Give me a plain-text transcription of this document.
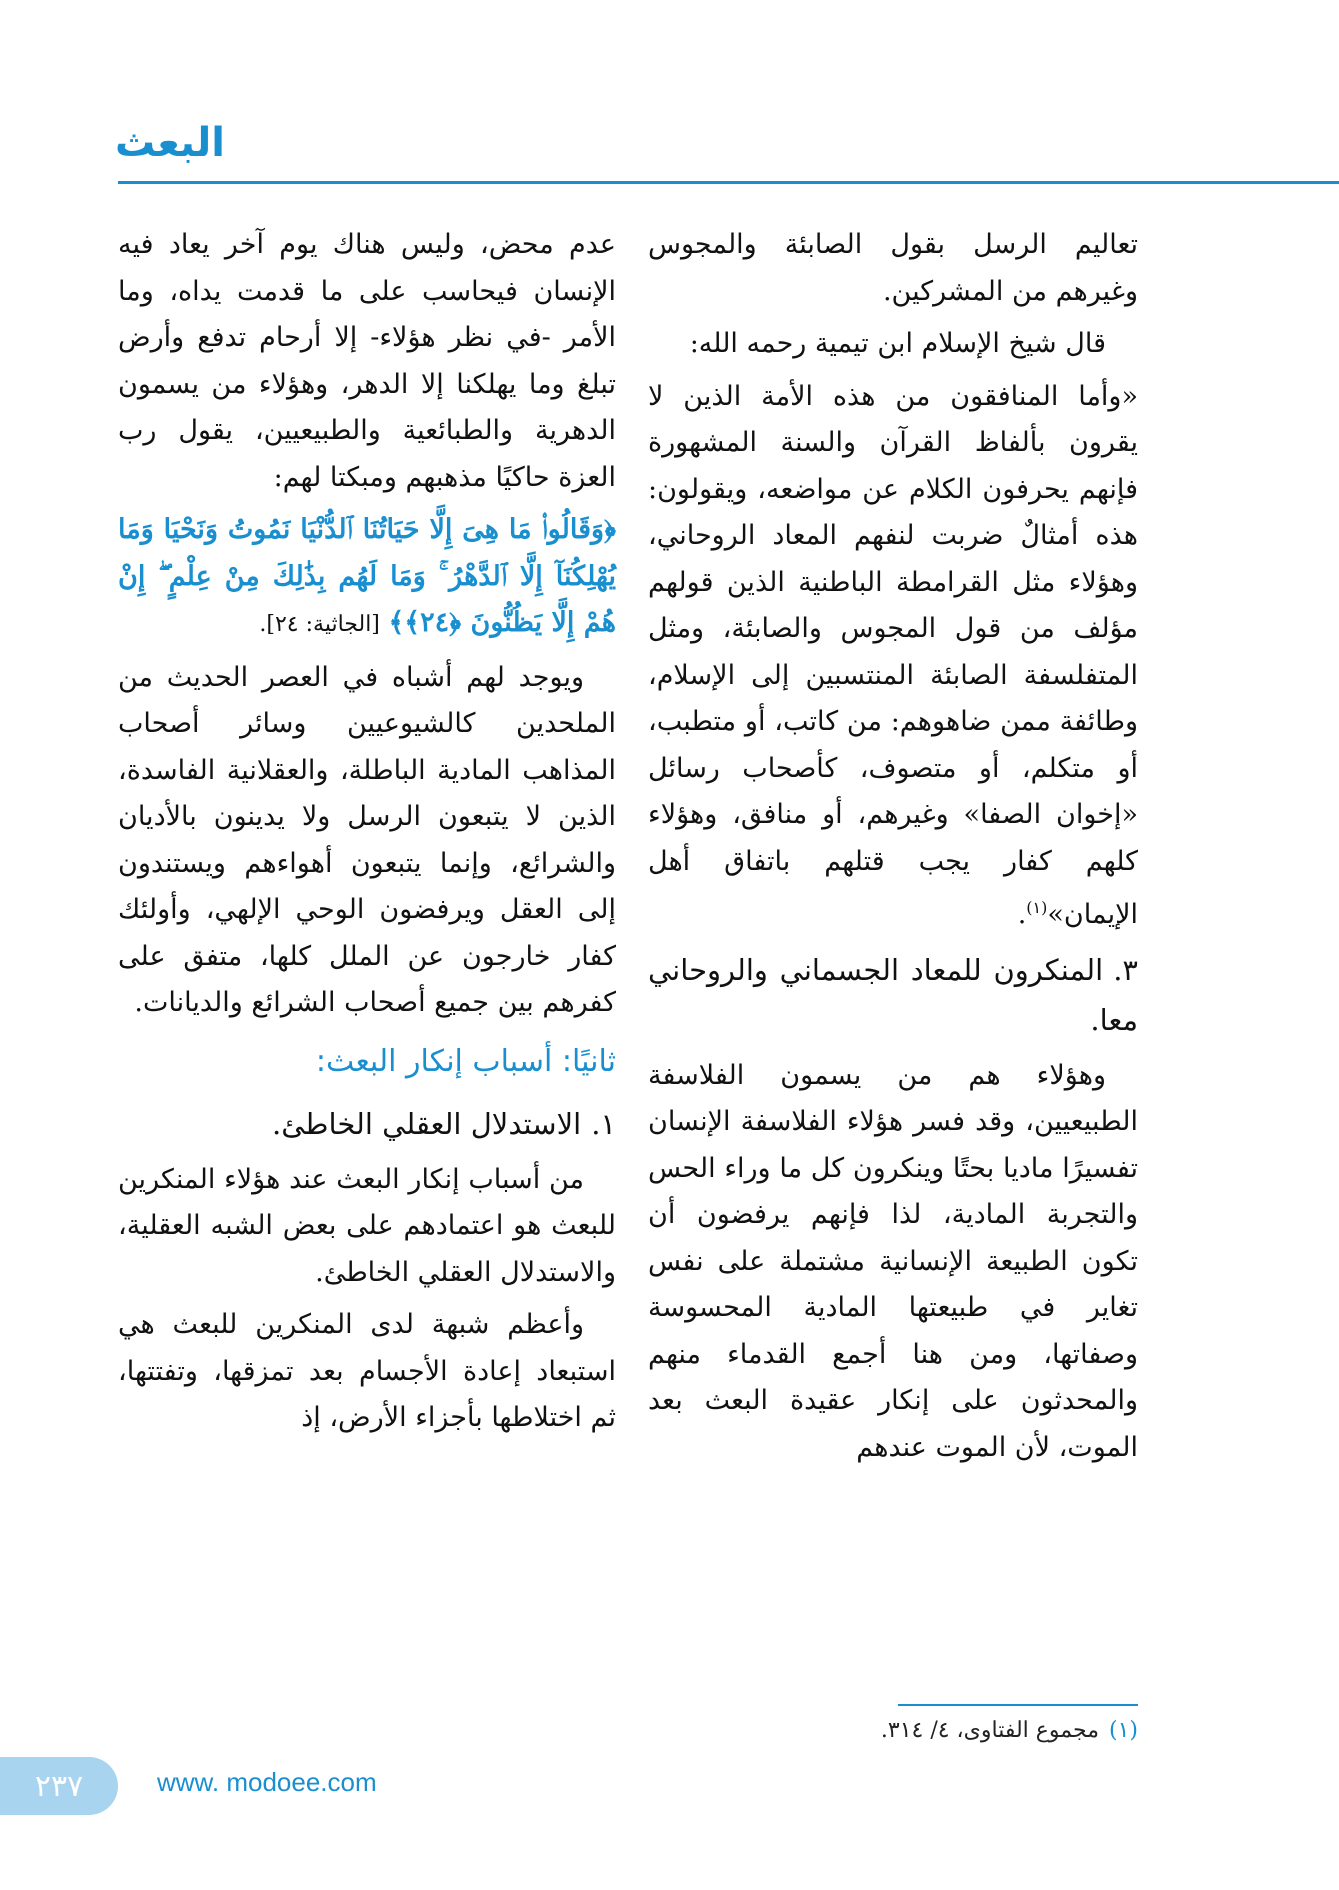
البعث

تعاليم الرسل بقول الصابئة والمجوس وغيرهم من المشركين.

قال شيخ الإسلام ابن تيمية رحمه الله:

«وأما المنافقون من هذه الأمة الذين لا يقرون بألفاظ القرآن والسنة المشهورة فإنهم يحرفون الكلام عن مواضعه، ويقولون: هذه أمثالٌ ضربت لنفهم المعاد الروحاني، وهؤلاء مثل القرامطة الباطنية الذين قولهم مؤلف من قول المجوس والصابئة، ومثل المتفلسفة الصابئة المنتسبين إلى الإسلام، وطائفة ممن ضاهوهم: من كاتب، أو متطبب، أو متكلم، أو متصوف، كأصحاب رسائل «إخوان الصفا» وغيرهم، أو منافق، وهؤلاء كلهم كفار يجب قتلهم باتفاق أهل الإيمان»$^{(١)}$.

٣.المنكرون للمعاد الجسماني والروحاني معا.

وهؤلاء هم من يسمون الفلاسفة الطبيعيين، وقد فسر هؤلاء الفلاسفة الإنسان تفسيرًا ماديا بحتًا وينكرون كل ما وراء الحس والتجربة المادية، لذا فإنهم يرفضون أن تكون الطبيعة الإنسانية مشتملة على نفس تغاير في طبيعتها المادية المحسوسة وصفاتها، ومن هنا أجمع القدماء منهم والمحدثون على إنكار عقيدة البعث بعد الموت، لأن الموت عندهم

عدم محض، وليس هناك يوم آخر يعاد فيه الإنسان فيحاسب على ما قدمت يداه، وما الأمر -في نظر هؤلاء- إلا أرحام تدفع وأرض تبلغ وما يهلكنا إلا الدهر، وهؤلاء من يسمون الدهرية والطبائعية والطبيعيين، يقول رب العزة حاكيًا مذهبهم ومبكتا لهم:

﴿وَقَالُوا۟ مَا هِىَ إِلَّا حَيَاتُنَا ٱلدُّنْيَا نَمُوتُ وَنَحْيَا وَمَا يُهْلِكُنَآ إِلَّا ٱلدَّهْرُ ۚ وَمَا لَهُم بِذَٰلِكَ مِنْ عِلْمٍ ۖ إِنْ هُمْ إِلَّا يَظُنُّونَ ﴿٢٤﴾﴾ [الجاثية: ٢٤].

ويوجد لهم أشباه في العصر الحديث من الملحدين كالشيوعيين وسائر أصحاب المذاهب المادية الباطلة، والعقلانية الفاسدة، الذين لا يتبعون الرسل ولا يدينون بالأديان والشرائع، وإنما يتبعون أهواءهم ويستندون إلى العقل ويرفضون الوحي الإلهي، وأولئك كفار خارجون عن الملل كلها، متفق على كفرهم بين جميع أصحاب الشرائع والديانات.

ثانيًا: أسباب إنكار البعث:
١.الاستدلال العقلي الخاطئ.

من أسباب إنكار البعث عند هؤلاء المنكرين للبعث هو اعتمادهم على بعض الشبه العقلية، والاستدلال العقلي الخاطئ.

وأعظم شبهة لدى المنكرين للبعث هي استبعاد إعادة الأجسام بعد تمزقها، وتفتتها، ثم اختلاطها بأجزاء الأرض، إذ

(١)مجموع الفتاوى، ٤/ ٣١٤.
٢٣٧	www. modoee.com
